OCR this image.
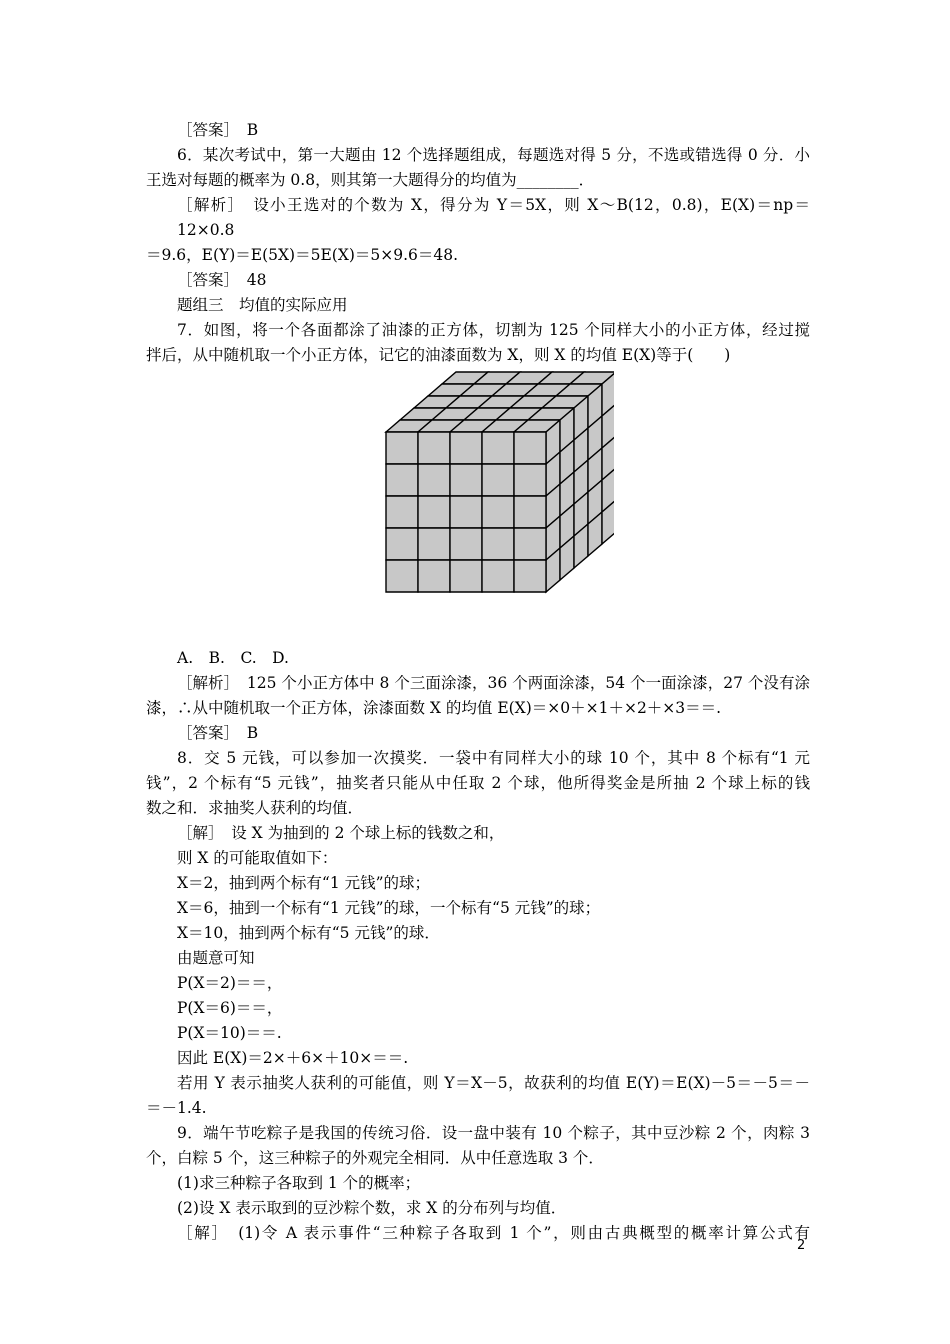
［答案］　B
6．某次考试中，第一大题由 12 个选择题组成，每题选对得 5 分，不选或错选得 0 分．小
王选对每题的概率为 0.8，则其第一大题得分的均值为________．
［解析］　设小王选对的个数为 X，得分为 Y＝5X，则 X～B(12，0.8)，E(X)＝np＝12×0.8
＝9.6，E(Y)＝E(5X)＝5E(X)＝5×9.6＝48.
［答案］　48
题组三　均值的实际应用
7．如图，将一个各面都涂了油漆的正方体，切割为 125 个同样大小的小正方体，经过搅
拌后，从中随机取一个小正方体，记它的油漆面数为 X，则 X 的均值 E(X)等于(　　)
A.　B.　C.　D.
［解析］　125 个小正方体中 8 个三面涂漆，36 个两面涂漆，54 个一面涂漆，27 个没有涂
漆，∴从中随机取一个正方体，涂漆面数 X 的均值 E(X)＝×0＋×1＋×2＋×3＝＝.
［答案］　B
8．交 5 元钱，可以参加一次摸奖．一袋中有同样大小的球 10 个，其中 8 个标有“1 元
钱”，2 个标有“5 元钱”，抽奖者只能从中任取 2 个球，他所得奖金是所抽 2 个球上标的钱
数之和．求抽奖人获利的均值．
［解］　设 X 为抽到的 2 个球上标的钱数之和，
则 X 的可能取值如下：
X＝2，抽到两个标有“1 元钱”的球；
X＝6，抽到一个标有“1 元钱”的球，一个标有“5 元钱”的球；
X＝10，抽到两个标有“5 元钱”的球．
由题意可知
P(X＝2)＝＝，
P(X＝6)＝＝，
P(X＝10)＝＝.
因此 E(X)＝2×＋6×＋10×＝＝.
若用 Y 表示抽奖人获利的可能值，则 Y＝X－5，故获利的均值 E(Y)＝E(X)－5＝－5＝－
＝－1.4.
9．端午节吃粽子是我国的传统习俗．设一盘中装有 10 个粽子，其中豆沙粽 2 个，肉粽 3
个，白粽 5 个，这三种粽子的外观完全相同．从中任意选取 3 个．
(1)求三种粽子各取到 1 个的概率；
(2)设 X 表示取到的豆沙粽个数，求 X 的分布列与均值．
［解］　(1)令 A 表示事件“三种粽子各取到 1 个”，则由古典概型的概率计算公式有
2
